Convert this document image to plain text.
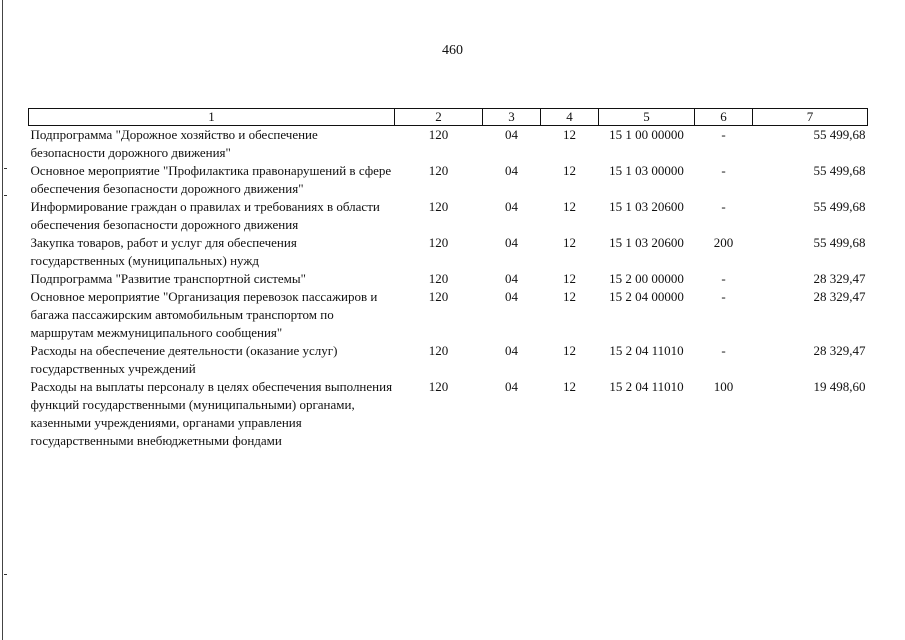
460
1	2	3	4	5	6	7
Подпрограмма "Дорожное хозяйство и обеспечение безопасности дорожного движения"	120	04	12	15 1 00 00000	-	55 499,68
Основное мероприятие "Профилактика правонарушений в сфере обеспечения безопасности дорожного движения"	120	04	12	15 1 03 00000	-	55 499,68
Информирование граждан о правилах и требованиях в области обеспечения безопасности дорожного движения	120	04	12	15 1 03 20600	-	55 499,68
Закупка товаров, работ и услуг для обеспечения государственных (муниципальных) нужд	120	04	12	15 1 03 20600	200	55 499,68
Подпрограмма "Развитие транспортной системы"	120	04	12	15 2 00 00000	-	28 329,47
Основное мероприятие "Организация перевозок пассажиров и багажа пассажирским автомобильным транспортом по маршрутам межмуниципального сообщения"	120	04	12	15 2 04 00000	-	28 329,47
Расходы на обеспечение деятельности (оказание услуг) государственных учреждений	120	04	12	15 2 04 11010	-	28 329,47
Расходы на выплаты персоналу в целях обеспечения выполнения функций государственными (муниципальными) органами, казенными учреждениями, органами управления государственными внебюджетными фондами	120	04	12	15 2 04 11010	100	19 498,60
